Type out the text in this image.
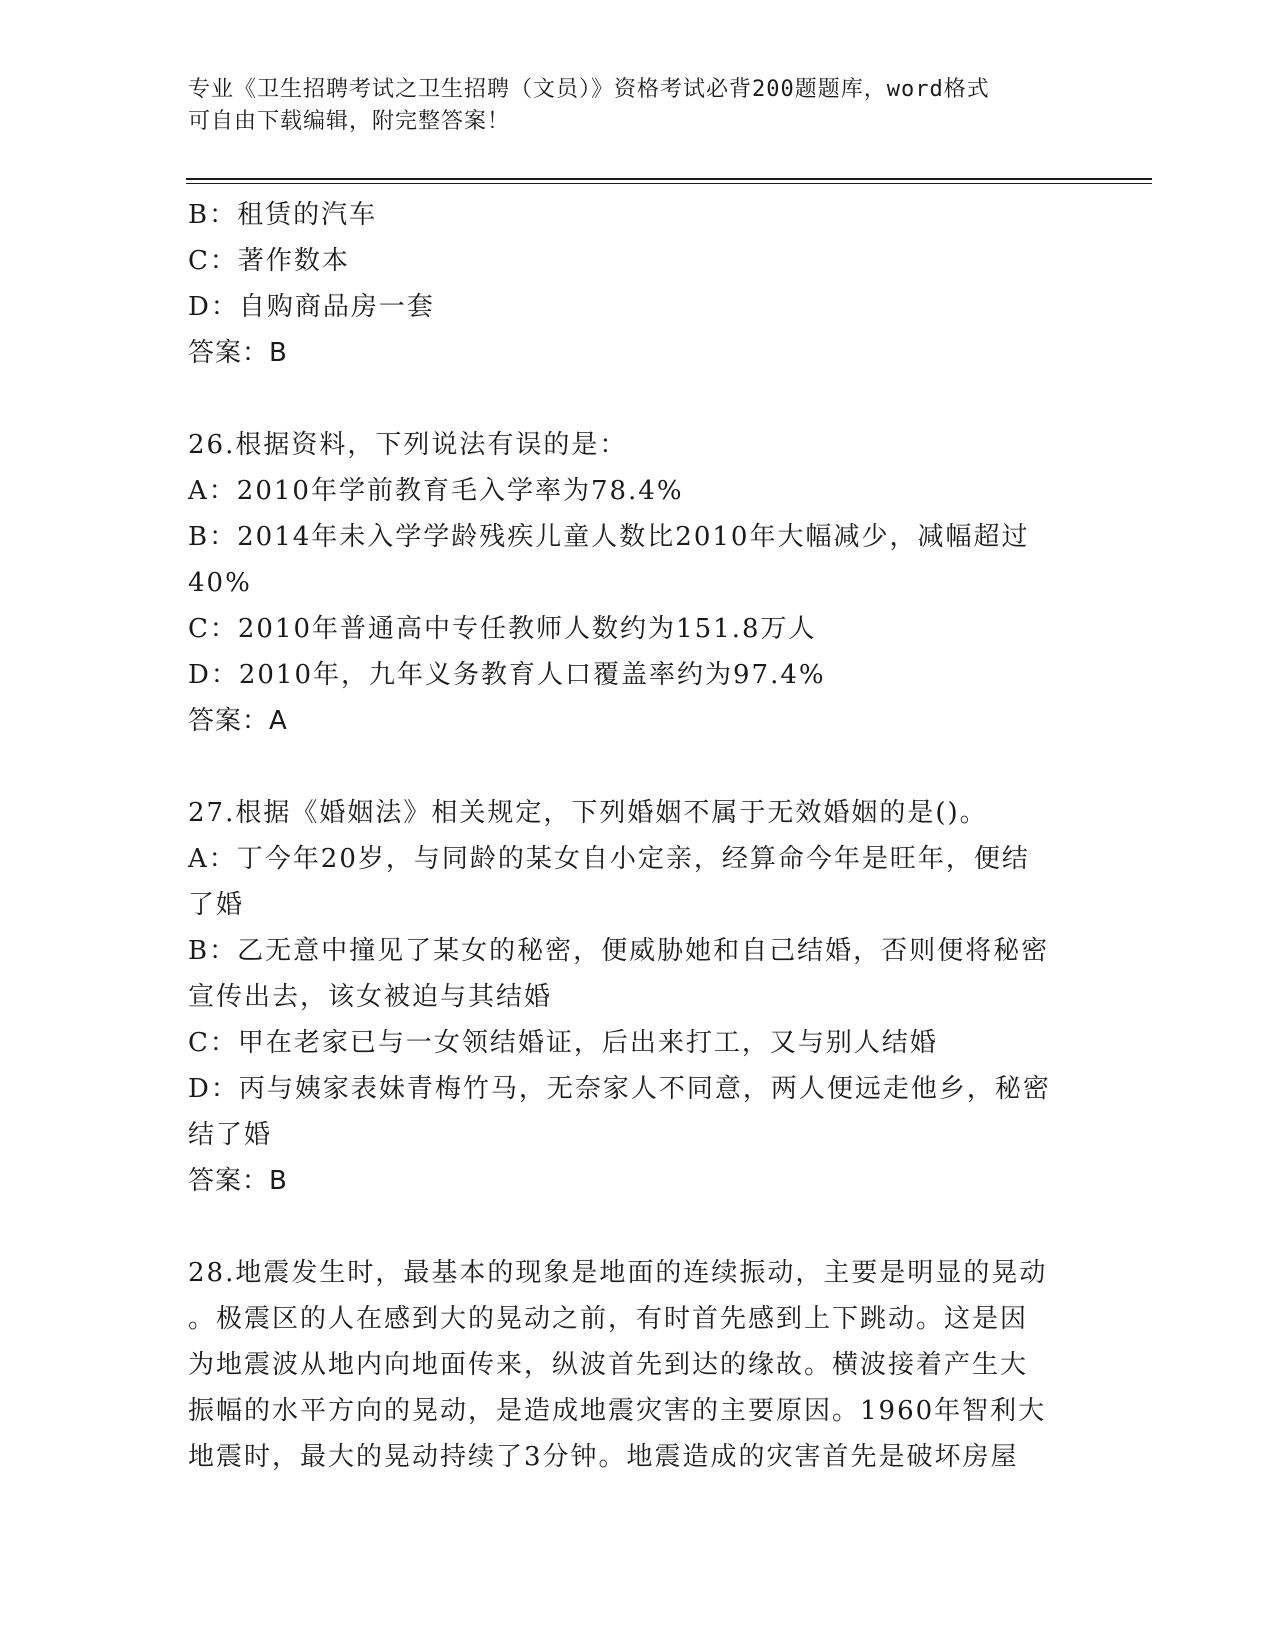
专业《卫生招聘考试之卫生招聘（文员）》资格考试必背200题题库，word格式
可自由下载编辑，附完整答案！
B：租赁的汽车
C：著作数本
D：自购商品房一套
答案：B
26.根据资料，下列说法有误的是：
A：2010年学前教育毛入学率为78.4%
B：2014年未入学学龄残疾儿童人数比2010年大幅减少，减幅超过
40%
C：2010年普通高中专任教师人数约为151.8万人
D：2010年，九年义务教育人口覆盖率约为97.4%
答案：A
27.根据《婚姻法》相关规定，下列婚姻不属于无效婚姻的是()。
A：丁今年20岁，与同龄的某女自小定亲，经算命今年是旺年，便结
了婚
B：乙无意中撞见了某女的秘密，便威胁她和自己结婚，否则便将秘密
宣传出去，该女被迫与其结婚
C：甲在老家已与一女领结婚证，后出来打工，又与别人结婚
D：丙与姨家表妹青梅竹马，无奈家人不同意，两人便远走他乡，秘密
结了婚
答案：B
28.地震发生时，最基本的现象是地面的连续振动，主要是明显的晃动
。极震区的人在感到大的晃动之前，有时首先感到上下跳动。这是因
为地震波从地内向地面传来，纵波首先到达的缘故。横波接着产生大
振幅的水平方向的晃动，是造成地震灾害的主要原因。1960年智利大
地震时，最大的晃动持续了3分钟。地震造成的灾害首先是破坏房屋
